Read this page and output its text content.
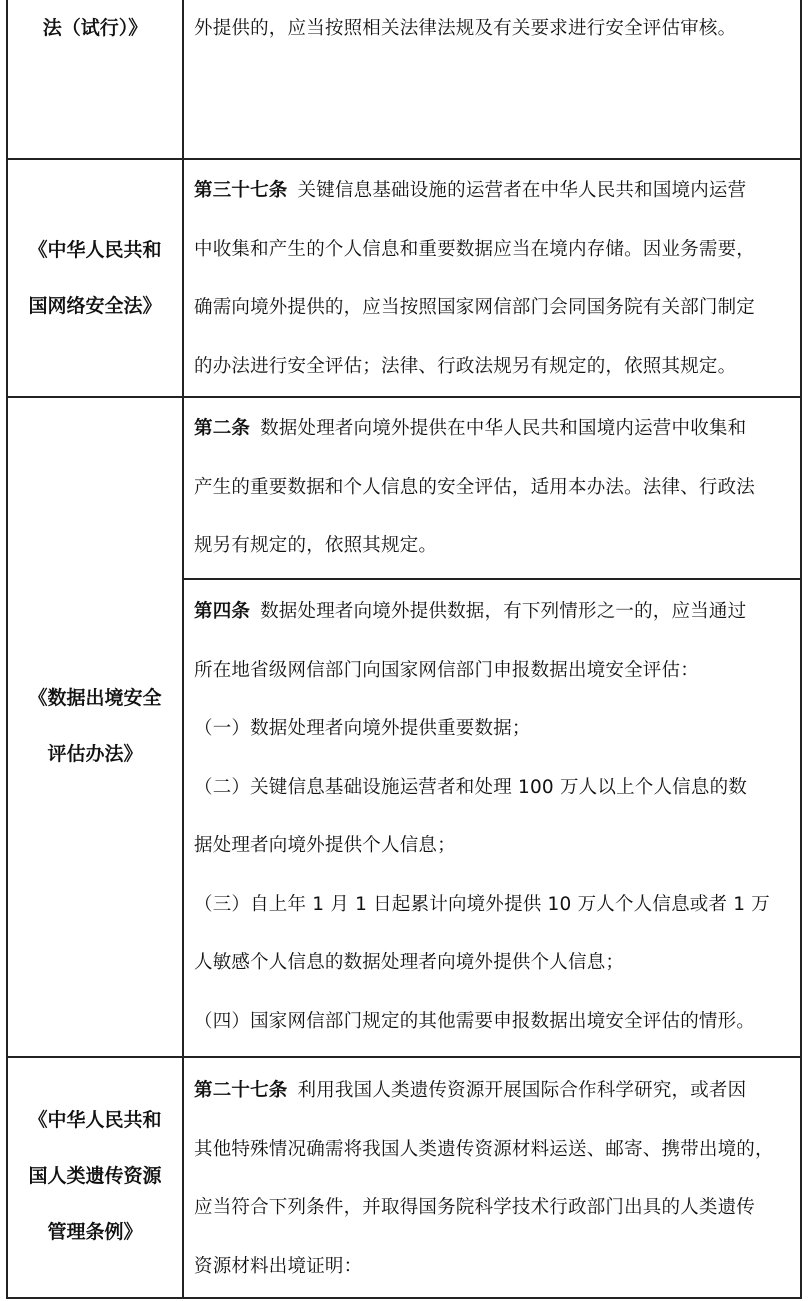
法（试行）》	外提供的，应当按照相关法律法规及有关要求进行安全评估审核。
《中华人民共和
国网络安全法》
第三十七条 关键信息基础设施的运营者在中华人民共和国境内运营
中收集和产生的个人信息和重要数据应当在境内存储。因业务需要，
确需向境外提供的，应当按照国家网信部门会同国务院有关部门制定
的办法进行安全评估；法律、行政法规另有规定的，依照其规定。
《数据出境安全
评估办法》
第二条 数据处理者向境外提供在中华人民共和国境内运营中收集和
产生的重要数据和个人信息的安全评估，适用本办法。法律、行政法
规另有规定的，依照其规定。
第四条 数据处理者向境外提供数据，有下列情形之一的，应当通过
所在地省级网信部门向国家网信部门申报数据出境安全评估：
（一）数据处理者向境外提供重要数据；
（二）关键信息基础设施运营者和处理 100 万人以上个人信息的数
据处理者向境外提供个人信息；
（三）自上年 1 月 1 日起累计向境外提供 10 万人个人信息或者 1 万
人敏感个人信息的数据处理者向境外提供个人信息；
（四）国家网信部门规定的其他需要申报数据出境安全评估的情形。
《中华人民共和
国人类遗传资源
管理条例》
第二十七条 利用我国人类遗传资源开展国际合作科学研究，或者因
其他特殊情况确需将我国人类遗传资源材料运送、邮寄、携带出境的，
应当符合下列条件，并取得国务院科学技术行政部门出具的人类遗传
资源材料出境证明：
